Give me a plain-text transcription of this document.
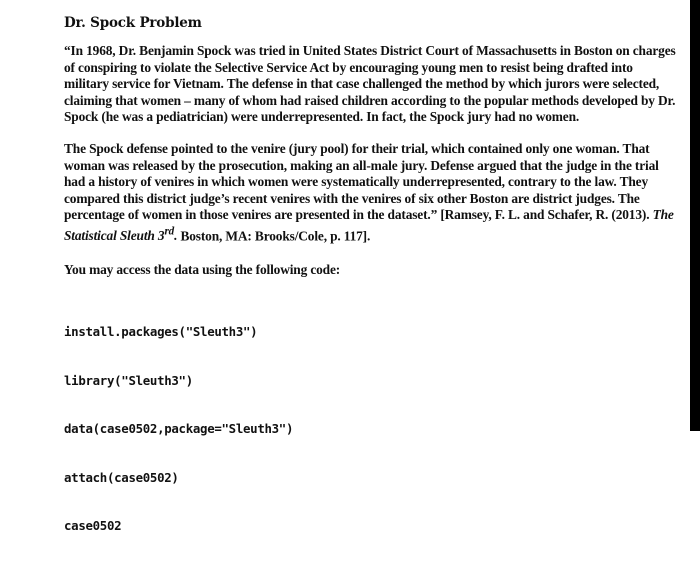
Dr. Spock Problem

“In 1968, Dr. Benjamin Spock was tried in United States District Court of Massachusetts in Boston on charges of conspiring to violate the Selective Service Act by encouraging young men to resist being drafted into military service for Vietnam. The defense in that case challenged the method by which jurors were selected, claiming that women – many of whom had raised children according to the popular methods developed by Dr. Spock (he was a pediatrician) were underrepresented. In fact, the Spock jury had no women.

The Spock defense pointed to the venire (jury pool) for their trial, which contained only one woman. That woman was released by the prosecution, making an all-male jury. Defense argued that the judge in the trial had a history of venires in which women were systematically underrepresented, contrary to the law. They compared this district judge’s recent venires with the venires of six other Boston are district judges. The percentage of women in those venires are presented in the dataset.” [Ramsey, F. L. and Schafer, R. (2013). The Statistical Sleuth 3rd. Boston, MA: Brooks/Cole, p. 117].

You may access the data using the following code:

install.packages("Sleuth3")

library("Sleuth3")

data(case0502,package="Sleuth3")

attach(case0502)

case0502
